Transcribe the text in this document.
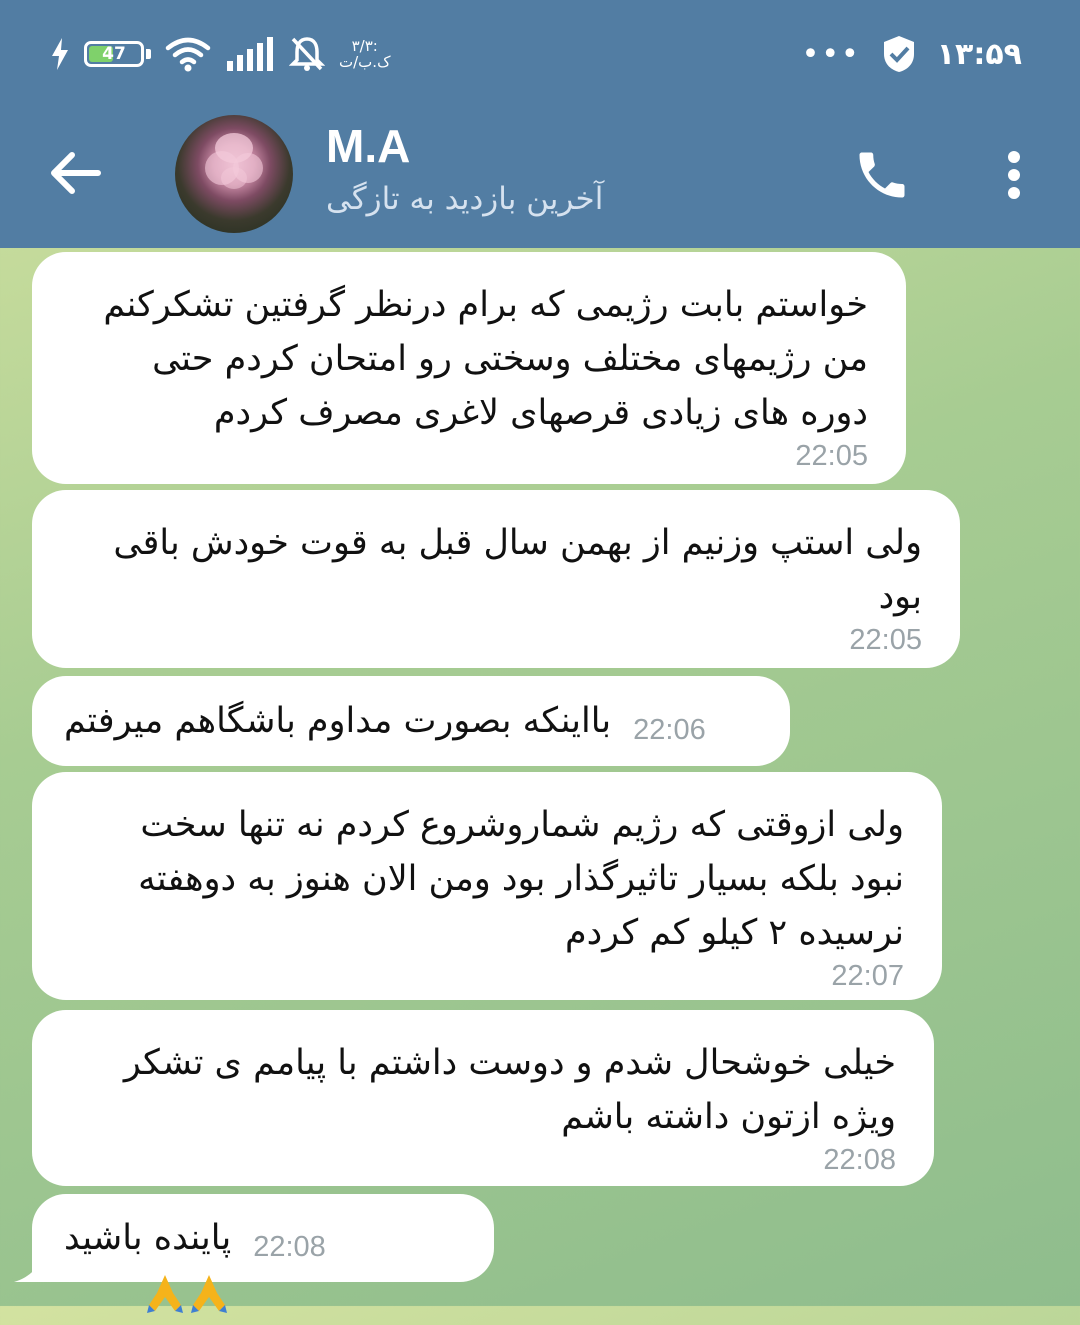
47	۳/۳:
ک.ب/ت	•••	۱۳:۵۹
M.A
آخرین بازدید به تازگی
خواستم بابت رژیمی که برام درنظر گرفتین تشکرکنم
من رژیمهای مختلف وسختی رو امتحان کردم حتی
دوره های زیادی قرصهای لاغری مصرف کردم
22:05
ولی استپ وزنیم از بهمن سال قبل به قوت خودش باقی
بود
22:05
بااینکه بصورت مداوم باشگاهم میرفتم 22:06
ولی ازوقتی که رژیم شماروشروع کردم نه تنها سخت
نبود بلکه بسیار تاثیرگذار بود ومن الان هنوز به دوهفته
نرسیده ۲ کیلو کم کردم
22:07
خیلی خوشحال شدم و دوست داشتم با پیامم ی تشکر
ویژه ازتون داشته باشم
22:08

پاینده باشید 22:08
